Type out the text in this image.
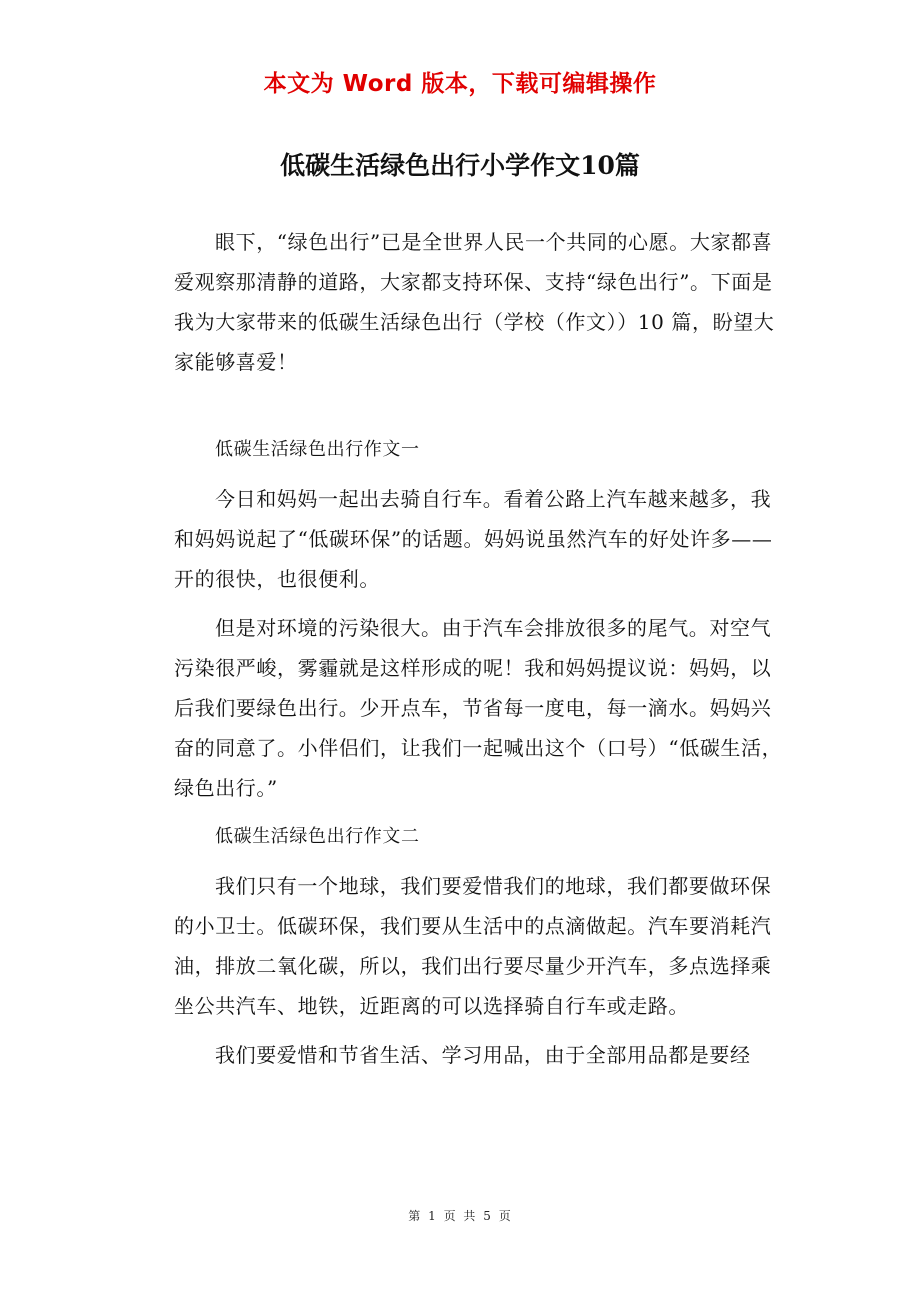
本文为 Word 版本，下载可编辑操作
低碳生活绿色出行小学作文10篇

眼下，“绿色出行”已是全世界人民一个共同的心愿。大家都喜爱观察那清静的道路，大家都支持环保、支持“绿色出行”。下面是我为大家带来的低碳生活绿色出行（学校（作文））10 篇，盼望大家能够喜爱！

低碳生活绿色出行作文一

今日和妈妈一起出去骑自行车。看着公路上汽车越来越多，我和妈妈说起了“低碳环保”的话题。妈妈说虽然汽车的好处许多——开的很快，也很便利。

但是对环境的污染很大。由于汽车会排放很多的尾气。对空气污染很严峻，雾霾就是这样形成的呢！我和妈妈提议说：妈妈，以后我们要绿色出行。少开点车，节省每一度电，每一滴水。妈妈兴奋的同意了。小伴侣们，让我们一起喊出这个（口号）“低碳生活，绿色出行。”

低碳生活绿色出行作文二

我们只有一个地球，我们要爱惜我们的地球，我们都要做环保的小卫士。低碳环保，我们要从生活中的点滴做起。汽车要消耗汽油，排放二氧化碳，所以，我们出行要尽量少开汽车，多点选择乘坐公共汽车、地铁，近距离的可以选择骑自行车或走路。

我们要爱惜和节省生活、学习用品，由于全部用品都是要经

第 1 页 共 5 页
